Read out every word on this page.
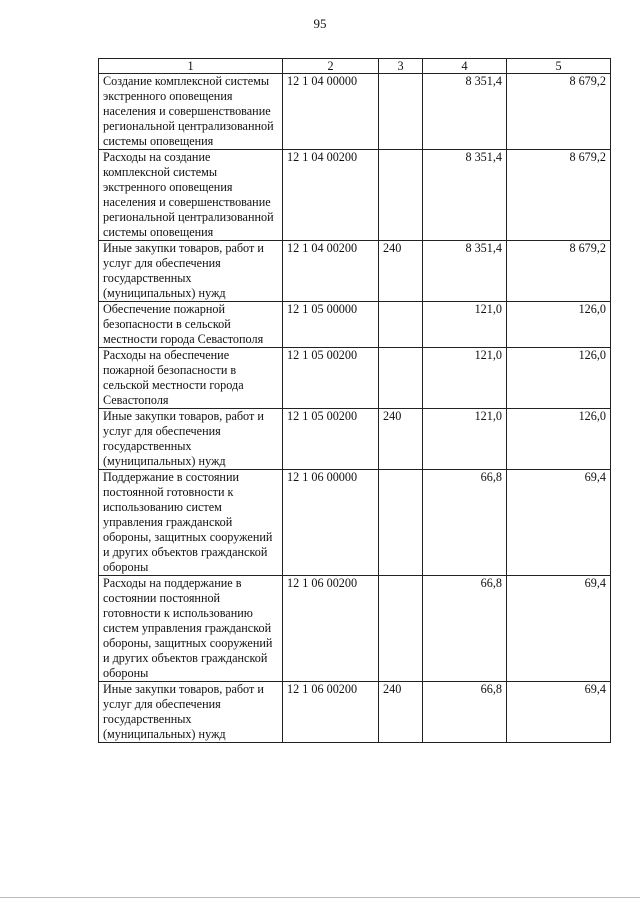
95
1	2	3	4	5
Создание комплексной системы экстренного оповещения населения и совершенствование региональной централизованной системы оповещения	12 1 04 00000		8 351,4	8 679,2
Расходы на создание комплексной системы экстренного оповещения населения и совершенствование региональной централизованной системы оповещения	12 1 04 00200		8 351,4	8 679,2
Иные закупки товаров, работ и услуг для обеспечения государственных (муниципальных) нужд	12 1 04 00200	240	8 351,4	8 679,2
Обеспечение пожарной безопасности в сельской местности города Севастополя	12 1 05 00000		121,0	126,0
Расходы на обеспечение пожарной безопасности в сельской местности города Севастополя	12 1 05 00200		121,0	126,0
Иные закупки товаров, работ и услуг для обеспечения государственных (муниципальных) нужд	12 1 05 00200	240	121,0	126,0
Поддержание в состоянии постоянной готовности к использованию систем управления гражданской обороны, защитных сооружений и других объектов гражданской обороны	12 1 06 00000		66,8	69,4
Расходы на поддержание в состоянии постоянной готовности к использованию систем управления гражданской обороны, защитных сооружений и других объектов гражданской обороны	12 1 06 00200		66,8	69,4
Иные закупки товаров, работ и услуг для обеспечения государственных (муниципальных) нужд	12 1 06 00200	240	66,8	69,4
